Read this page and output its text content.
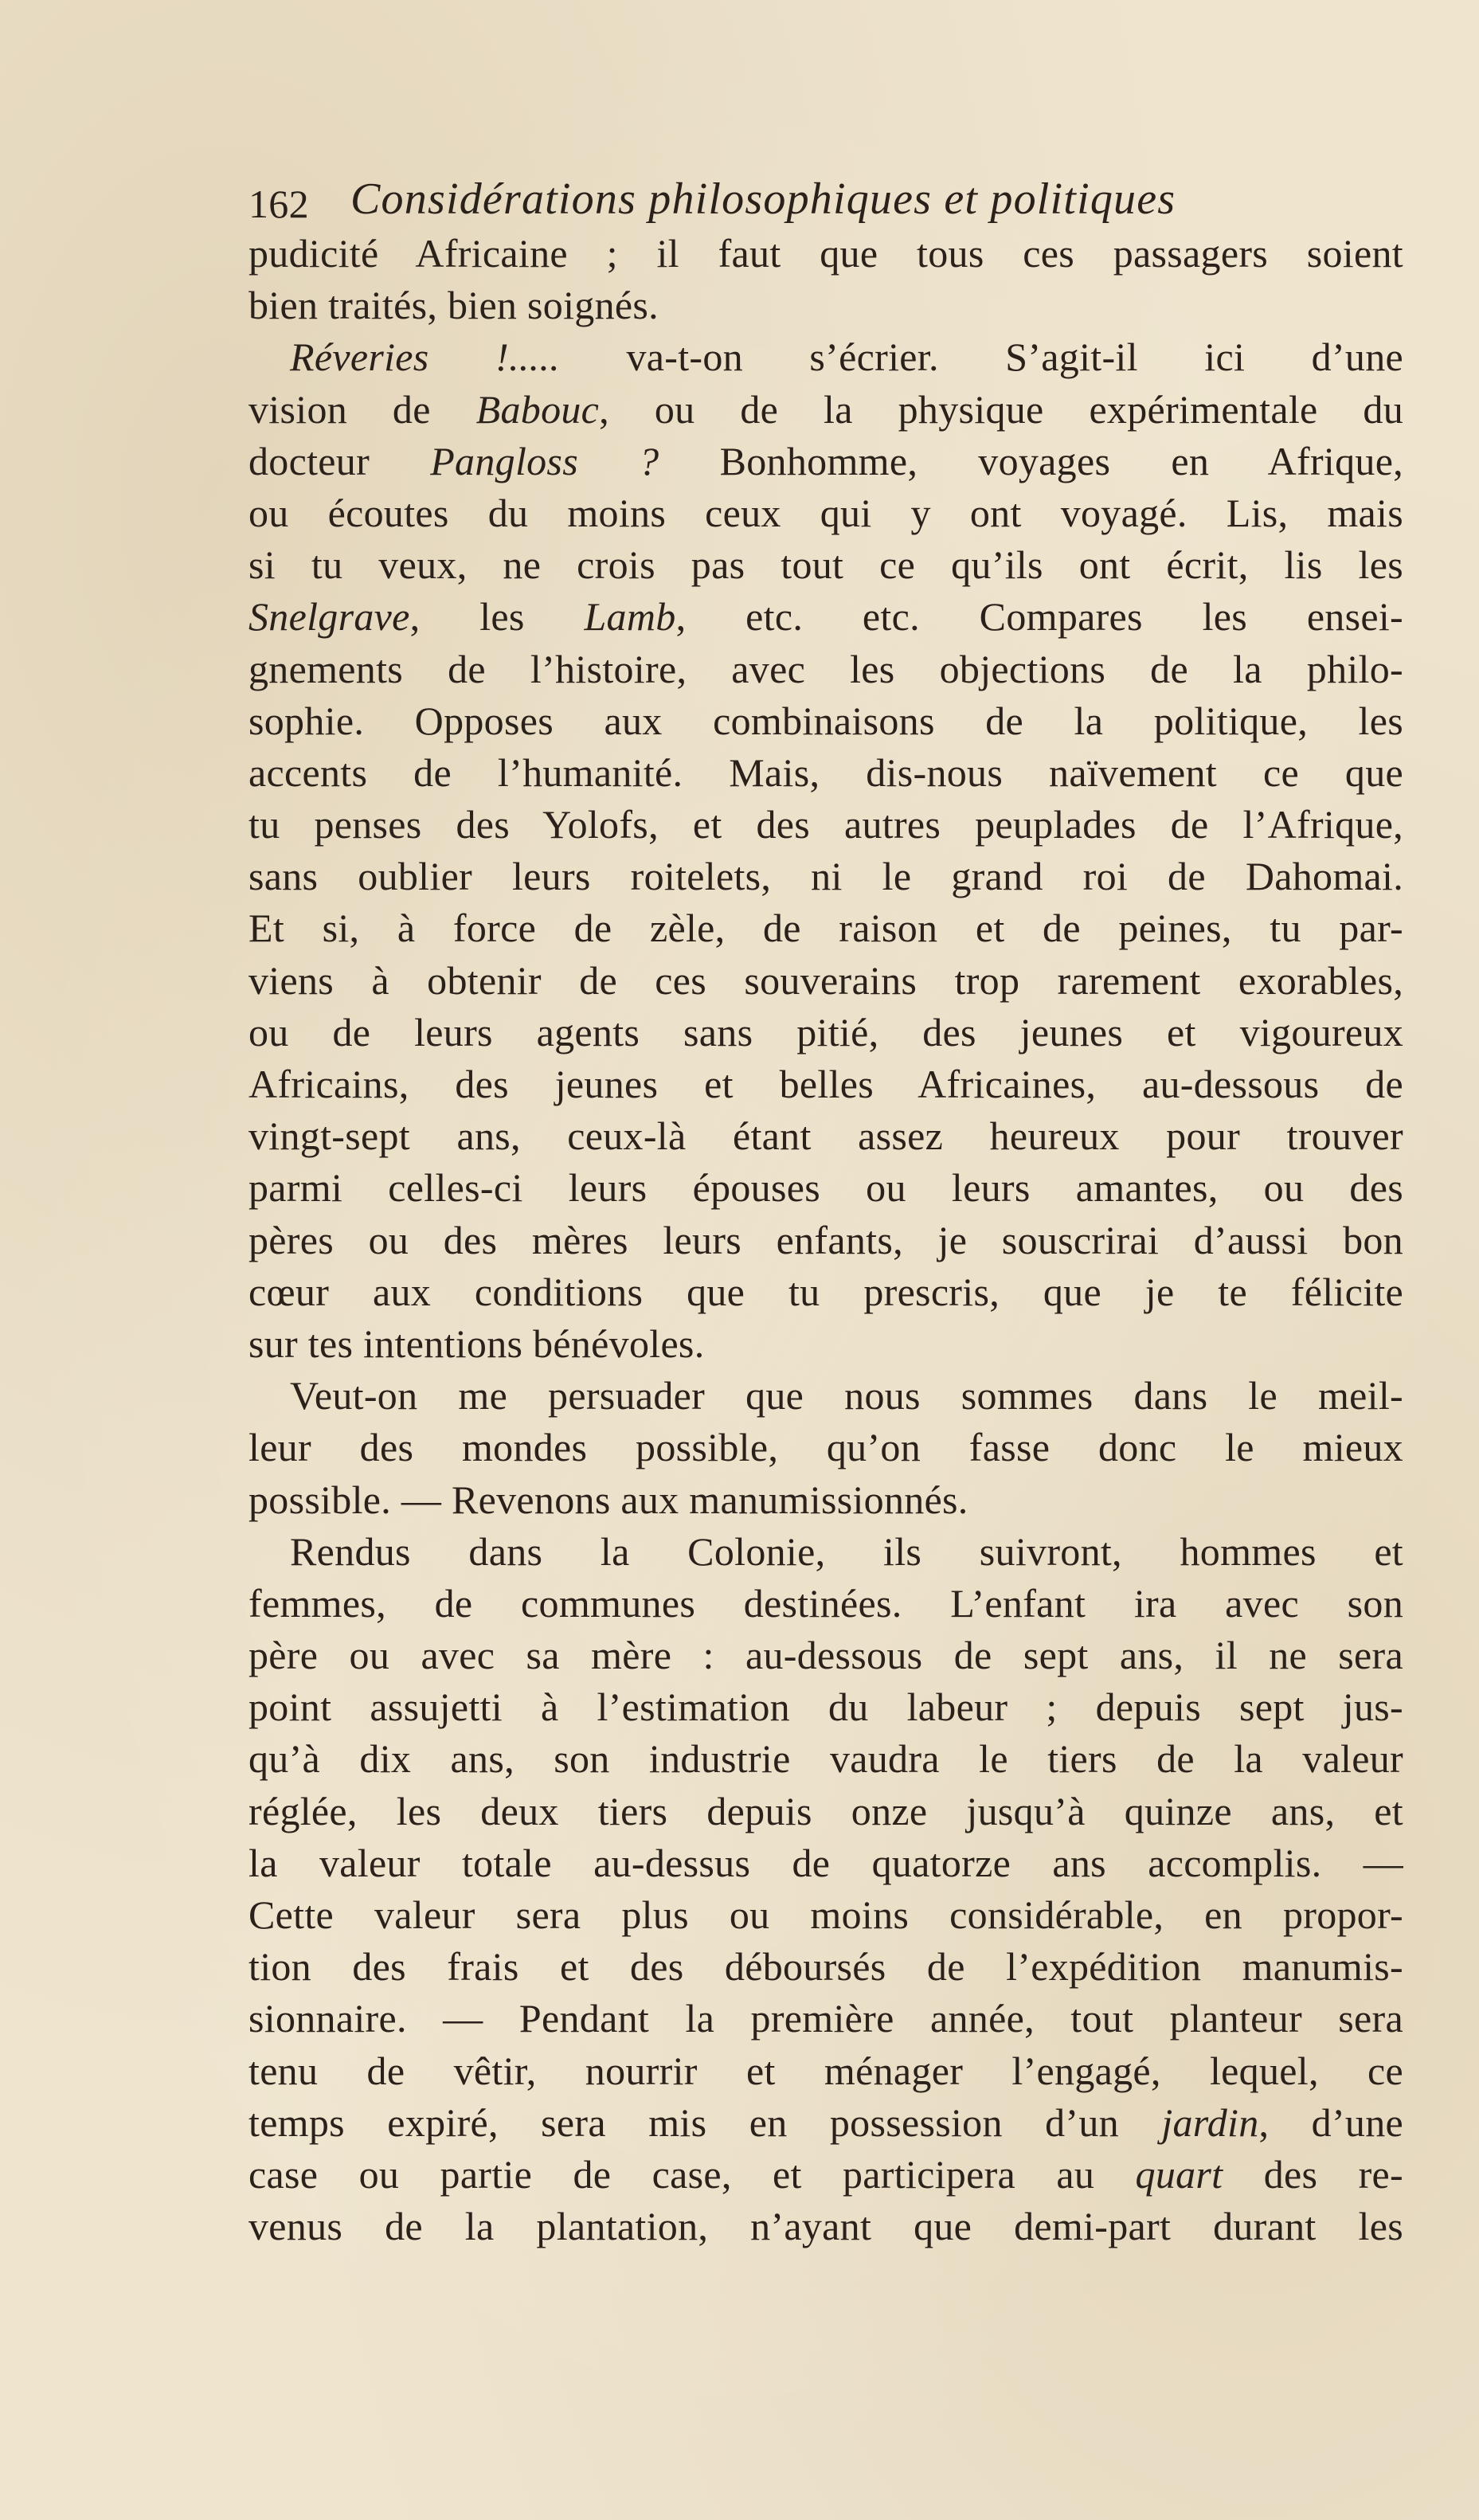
162 Considérations philosophiques et politiques
pudicité Africaine ; il faut que tous ces passagers soient
bien traités, bien soignés.
Réveries !..... va-t-on s’écrier. S’agit-il ici d’une
vision de Babouc, ou de la physique expérimentale du
docteur Pangloss ? Bonhomme, voyages en Afrique,
ou écoutes du moins ceux qui y ont voyagé. Lis, mais
si tu veux, ne crois pas tout ce qu’ils ont écrit, lis les
Snelgrave, les Lamb, etc. etc. Compares les ensei-
gnements de l’histoire, avec les objections de la philo-
sophie. Opposes aux combinaisons de la politique, les
accents de l’humanité. Mais, dis-nous naïvement ce que
tu penses des Yolofs, et des autres peuplades de l’Afrique,
sans oublier leurs roitelets, ni le grand roi de Dahomai.
Et si, à force de zèle, de raison et de peines, tu par-
viens à obtenir de ces souverains trop rarement exorables,
ou de leurs agents sans pitié, des jeunes et vigoureux
Africains, des jeunes et belles Africaines, au-dessous de
vingt-sept ans, ceux-là étant assez heureux pour trouver
parmi celles-ci leurs épouses ou leurs amantes, ou des
pères ou des mères leurs enfants, je souscrirai d’aussi bon
cœur aux conditions que tu prescris, que je te félicite
sur tes intentions bénévoles.
Veut-on me persuader que nous sommes dans le meil-
leur des mondes possible, qu’on fasse donc le mieux
possible. — Revenons aux manumissionnés.
Rendus dans la Colonie, ils suivront, hommes et
femmes, de communes destinées. L’enfant ira avec son
père ou avec sa mère : au-dessous de sept ans, il ne sera
point assujetti à l’estimation du labeur ; depuis sept jus-
qu’à dix ans, son industrie vaudra le tiers de la valeur
réglée, les deux tiers depuis onze jusqu’à quinze ans, et
la valeur totale au-dessus de quatorze ans accomplis. —
Cette valeur sera plus ou moins considérable, en propor-
tion des frais et des déboursés de l’expédition manumis-
sionnaire. — Pendant la première année, tout planteur sera
tenu de vêtir, nourrir et ménager l’engagé, lequel, ce
temps expiré, sera mis en possession d’un jardin, d’une
case ou partie de case, et participera au quart des re-
venus de la plantation, n’ayant que demi-part durant les
